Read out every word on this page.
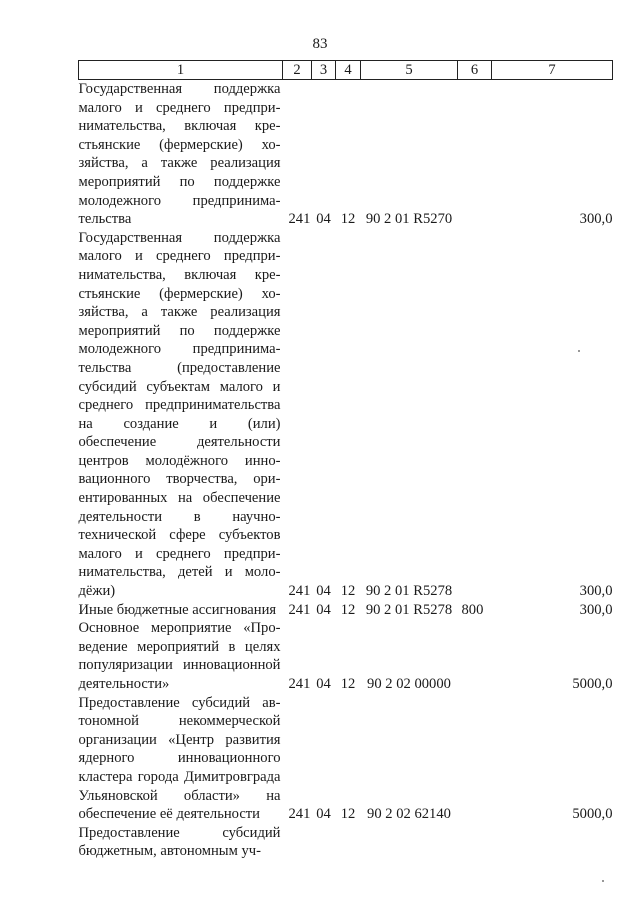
83
1	2	3	4	5	6	7
Государственная поддержка малого и среднего предпринимательства, включая крестьянские (фермерские) хозяйства, а также реализация мероприятий по поддержке молодежного предпринимательства	241	04	12	90 2 01 R5270		300,0
Государственная поддержка малого и среднего предпринимательства, включая крестьянские (фермерские) хозяйства, а также реализация мероприятий по поддержке молодежного предпринимательства (предоставление субсидий субъектам малого и среднего предпринимательства на создание и (или) обеспечение деятельности центров молодёжного инновационного творчества, ориентированных на обеспечение деятельности в научно-технической сфере субъектов малого и среднего предпринимательства, детей и молодёжи)	241	04	12	90 2 01 R5278		300,0
Иные бюджетные ассигнования	241	04	12	90 2 01 R5278	800	300,0
Основное мероприятие «Проведение мероприятий в целях популяризации инновационной деятельности»	241	04	12	90 2 02 00000		5000,0
Предоставление субсидий автономной некоммерческой организации «Центр развития ядерного инновационного кластера города Димитровграда Ульяновской области» на обеспечение её деятельности	241	04	12	90 2 02 62140		5000,0
Предоставление субсидий бюджетным, автономным уч-						
